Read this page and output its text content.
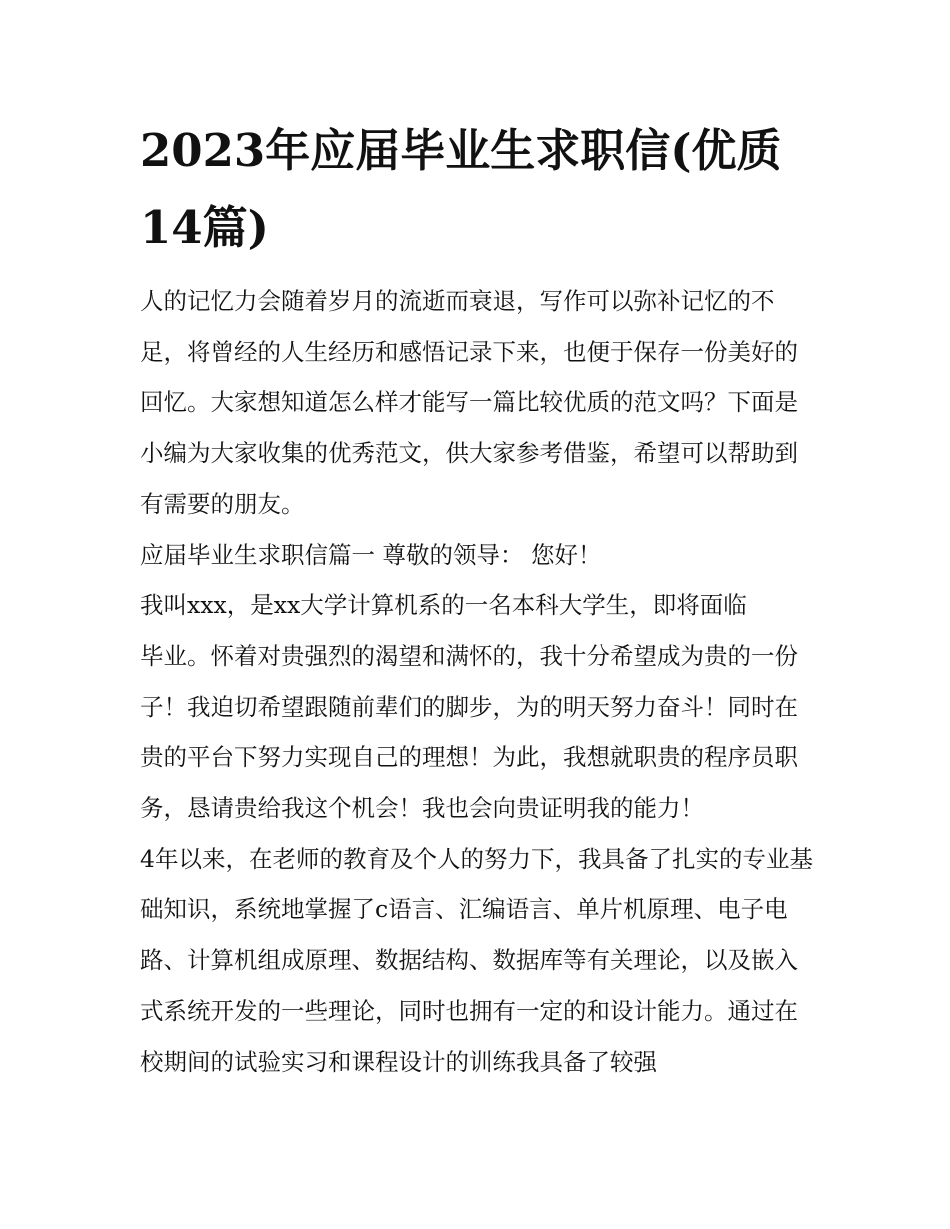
2023年应届毕业生求职信(优质14篇)

人的记忆力会随着岁月的流逝而衰退，写作可以弥补记忆的不足，将曾经的人生经历和感悟记录下来，也便于保存一份美好的回忆。大家想知道怎么样才能写一篇比较优质的范文吗？下面是小编为大家收集的优秀范文，供大家参考借鉴，希望可以帮助到有需要的朋友。

应届毕业生求职信篇一 尊敬的领导： 您好！

我叫xxx，是xx大学计算机系的一名本科大学生，即将面临

毕业。怀着对贵强烈的渴望和满怀的，我十分希望成为贵的一份子！我迫切希望跟随前辈们的脚步，为的明天努力奋斗！同时在贵的平台下努力实现自己的理想！为此，我想就职贵的程序员职务，恳请贵给我这个机会！我也会向贵证明我的能力！

4年以来，在老师的教育及个人的努力下，我具备了扎实的专业基础知识，系统地掌握了c语言、汇编语言、单片机原理、电子电路、计算机组成原理、数据结构、数据库等有关理论，以及嵌入式系统开发的一些理论，同时也拥有一定的和设计能力。通过在校期间的试验实习和课程设计的训练我具备了较强
